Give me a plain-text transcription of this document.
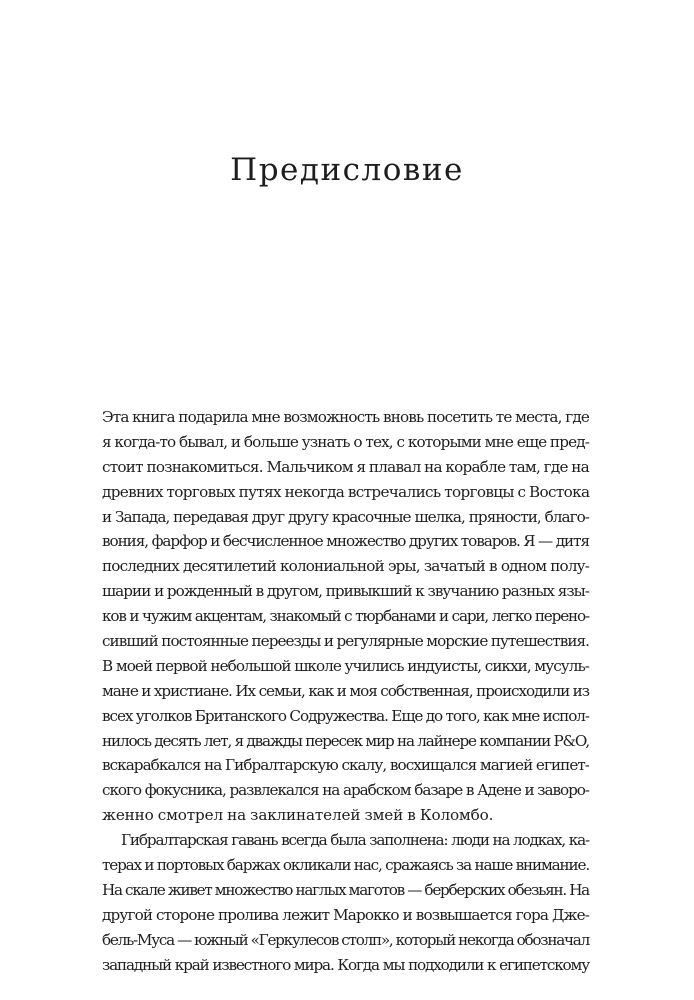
Предисловие
Эта книга подарила мне возможность вновь посетить те места, где
я когда-то бывал, и больше узнать о тех, с которыми мне еще пред-
стоит познакомиться. Мальчиком я плавал на корабле там, где на
древних торговых путях некогда встречались торговцы с Востока
и Запада, передавая друг другу красочные шелка, пряности, благо-
вония, фарфор и бесчисленное множество других товаров. Я — дитя
последних десятилетий колониальной эры, зачатый в одном полу-
шарии и рожденный в другом, привыкший к звучанию разных язы-
ков и чужим акцентам, знакомый с тюрбанами и сари, легко перено-
сивший постоянные переезды и регулярные морские путешествия.
В моей первой небольшой школе учились индуисты, сикхи, мусуль-
мане и христиане. Их семьи, как и моя собственная, происходили из
всех уголков Британского Содружества. Еще до того, как мне испол-
нилось десять лет, я дважды пересек мир на лайнере компании P&O,
вскарабкался на Гибралтарскую скалу, восхищался магией египет-
ского фокусника, развлекался на арабском базаре в Адене и заворо-
женно смотрел на заклинателей змей в Коломбо.
Гибралтарская гавань всегда была заполнена: люди на лодках, ка-
терах и портовых баржах окликали нас, сражаясь за наше внимание.
На скале живет множество наглых маготов — берберских обезьян. На
другой стороне пролива лежит Марокко и возвышается гора Дже-
бель-Муса — южный «Геркулесов столп», который некогда обозначал
западный край известного мира. Когда мы подходили к египетскому
